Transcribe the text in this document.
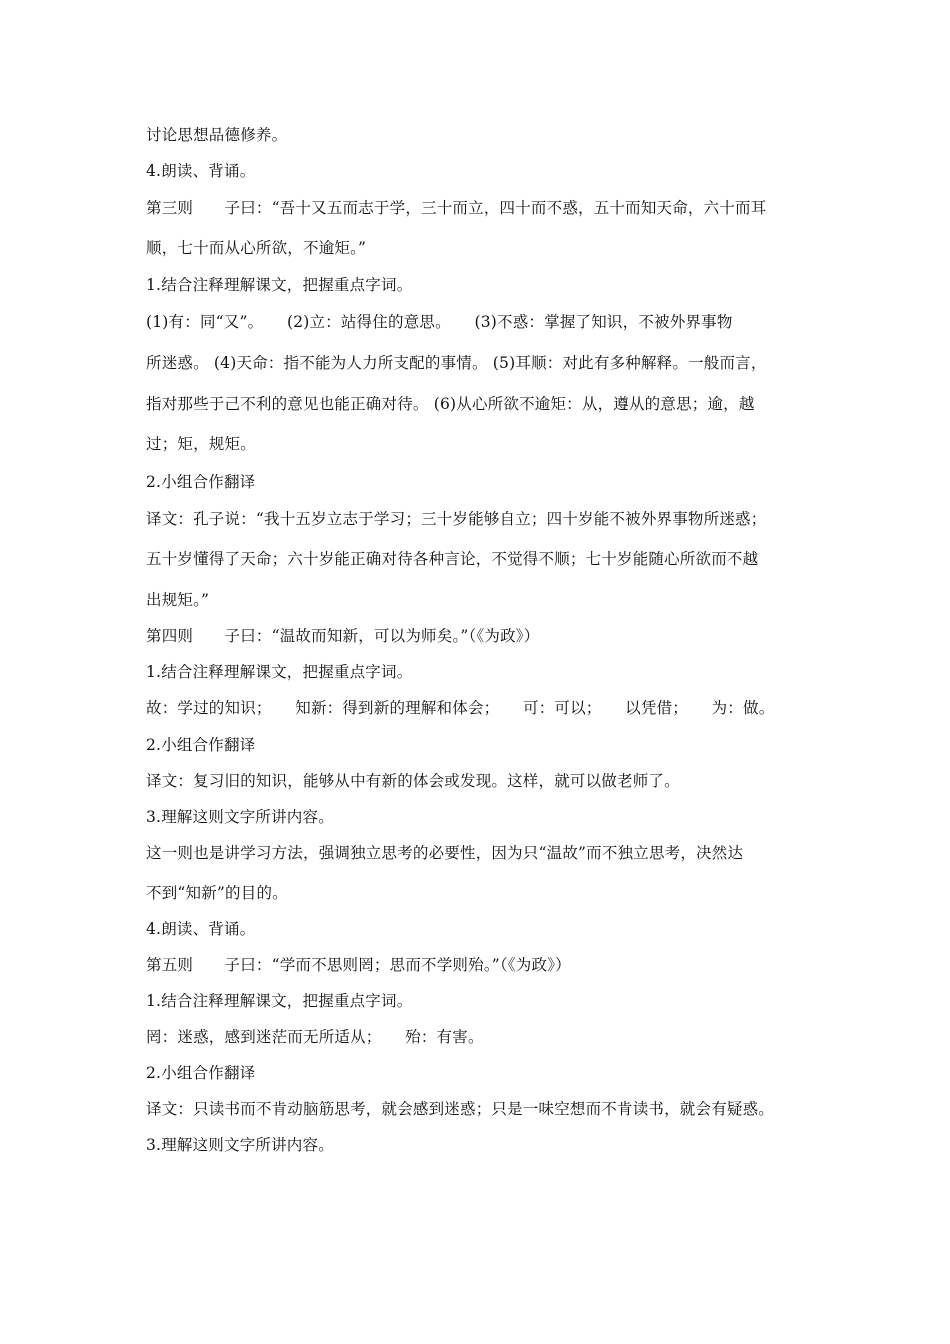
讨论思想品德修养。
4.朗读、背诵。
第三则　　子曰：“吾十又五而志于学，三十而立，四十而不惑，五十而知天命，六十而耳
顺，七十而从心所欲，不逾矩。”
1.结合注释理解课文，把握重点字词。
(1)有：同“又”。　　(2)立：站得住的意思。　　(3)不惑：掌握了知识，不被外界事物
所迷惑。 (4)天命：指不能为人力所支配的事情。 (5)耳顺：对此有多种解释。一般而言，
指对那些于己不利的意见也能正确对待。 (6)从心所欲不逾矩：从，遵从的意思；逾，越
过；矩，规矩。
2.小组合作翻译
译文：孔子说：“我十五岁立志于学习；三十岁能够自立；四十岁能不被外界事物所迷惑；
五十岁懂得了天命；六十岁能正确对待各种言论，不觉得不顺；七十岁能随心所欲而不越
出规矩。”
第四则　　子曰：“温故而知新，可以为师矣。”（《为政》）
1.结合注释理解课文，把握重点字词。
故：学过的知识；　　知新：得到新的理解和体会；　　可：可以；　　以凭借；　　为：做。
2.小组合作翻译
译文：复习旧的知识，能够从中有新的体会或发现。这样，就可以做老师了。
3.理解这则文字所讲内容。
这一则也是讲学习方法，强调独立思考的必要性，因为只“温故”而不独立思考，决然达
不到“知新”的目的。
4.朗读、背诵。
第五则　　子曰：“学而不思则罔；思而不学则殆。”（《为政》）
1.结合注释理解课文，把握重点字词。
罔：迷惑，感到迷茫而无所适从；　　殆：有害。
2.小组合作翻译
译文：只读书而不肯动脑筋思考，就会感到迷惑；只是一味空想而不肯读书，就会有疑惑。
3.理解这则文字所讲内容。
